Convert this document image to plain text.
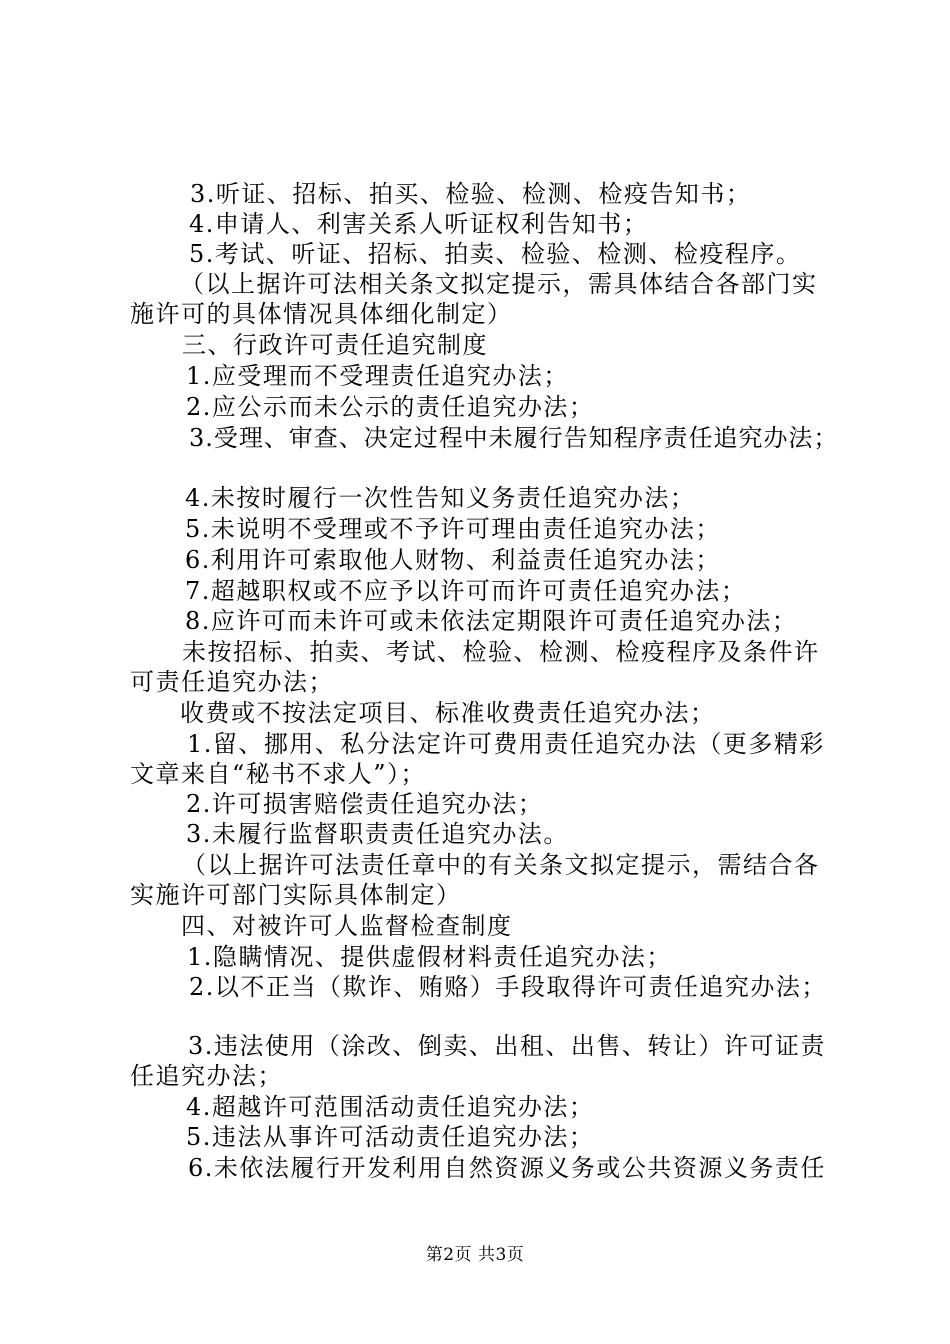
3.听证、招标、拍买、检验、检测、检疫告知书；
4.申请人、利害关系人听证权利告知书；
5.考试、听证、招标、拍卖、检验、检测、检疫程序。
（以上据许可法相关条文拟定提示，需具体结合各部门实
施许可的具体情况具体细化制定）
三、行政许可责任追究制度
1.应受理而不受理责任追究办法；
2.应公示而未公示的责任追究办法；
3.受理、审查、决定过程中未履行告知程序责任追究办法；
4.未按时履行一次性告知义务责任追究办法；
5.未说明不受理或不予许可理由责任追究办法；
6.利用许可索取他人财物、利益责任追究办法；
7.超越职权或不应予以许可而许可责任追究办法；
8.应许可而未许可或未依法定期限许可责任追究办法；
未按招标、拍卖、考试、检验、检测、检疫程序及条件许
可责任追究办法；
收费或不按法定项目、标准收费责任追究办法；
1.留、挪用、私分法定许可费用责任追究办法（更多精彩
文章来自“秘书不求人”）；
2.许可损害赔偿责任追究办法；
3.未履行监督职责责任追究办法。
（以上据许可法责任章中的有关条文拟定提示，需结合各
实施许可部门实际具体制定）
四、对被许可人监督检查制度
1.隐瞒情况、提供虚假材料责任追究办法；
2.以不正当（欺诈、贿赂）手段取得许可责任追究办法；
3.违法使用（涂改、倒卖、出租、出售、转让）许可证责
任追究办法；
4.超越许可范围活动责任追究办法；
5.违法从事许可活动责任追究办法；
6.未依法履行开发利用自然资源义务或公共资源义务责任
第2页 共3页
